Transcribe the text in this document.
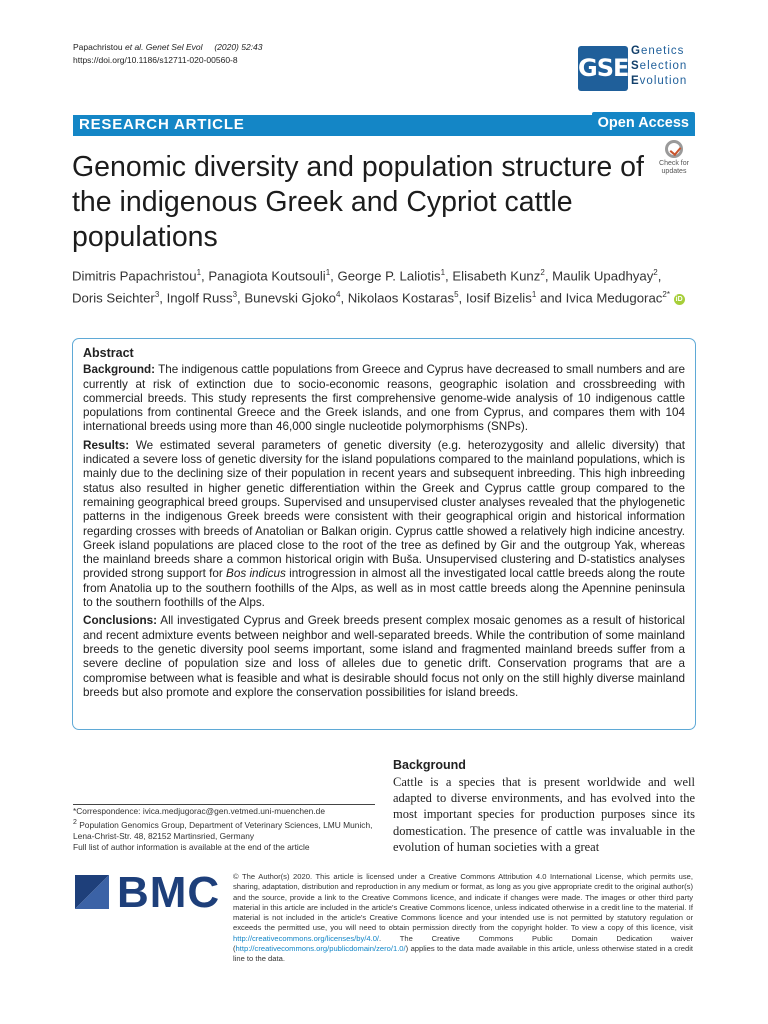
Papachristou et al. Genet Sel Evol (2020) 52:43
https://doi.org/10.1186/s12711-020-00560-8	GSE
Genetics
Selection
Evolution
RESEARCH ARTICLE	Open Access
Genomic diversity and population structure of the indigenous Greek and Cypriot cattle populations
Check for
updates
Dimitris Papachristou$^1$, Panagiota Koutsouli$^1$, George P. Laliotis$^1$, Elisabeth Kunz$^2$, Maulik Upadhyay$^2$,
Doris Seichter$^3$, Ingolf Russ$^3$, Bunevski Gjoko$^4$, Nikolaos Kostaras$^5$, Iosif Bizelis$^1$ and Ivica Medugorac$^{2*}$ iD
Abstract

Background: The indigenous cattle populations from Greece and Cyprus have decreased to small numbers and are currently at risk of extinction due to socio-economic reasons, geographic isolation and crossbreeding with commercial breeds. This study represents the first comprehensive genome-wide analysis of 10 indigenous cattle populations from continental Greece and the Greek islands, and one from Cyprus, and compares them with 104 international breeds using more than 46,000 single nucleotide polymorphisms (SNPs).

Results: We estimated several parameters of genetic diversity (e.g. heterozygosity and allelic diversity) that indicated a severe loss of genetic diversity for the island populations compared to the mainland populations, which is mainly due to the declining size of their population in recent years and subsequent inbreeding. This high inbreeding status also resulted in higher genetic differentiation within the Greek and Cyprus cattle group compared to the remaining geographical breed groups. Supervised and unsupervised cluster analyses revealed that the phylogenetic patterns in the indigenous Greek breeds were consistent with their geographical origin and historical information regarding crosses with breeds of Anatolian or Balkan origin. Cyprus cattle showed a relatively high indicine ancestry. Greek island populations are placed close to the root of the tree as defined by Gir and the outgroup Yak, whereas the mainland breeds share a common historical origin with Buša. Unsupervised clustering and D-statistics analyses provided strong support for Bos indicus introgression in almost all the investigated local cattle breeds along the route from Anatolia up to the southern foothills of the Alps, as well as in most cattle breeds along the Apennine peninsula to the southern foothills of the Alps.

Conclusions: All investigated Cyprus and Greek breeds present complex mosaic genomes as a result of historical and recent admixture events between neighbor and well-separated breeds. While the contribution of some mainland breeds to the genetic diversity pool seems important, some island and fragmented mainland breeds suffer from a severe decline of population size and loss of alleles due to genetic drift. Conservation programs that are a compromise between what is feasible and what is desirable should focus not only on the still highly diverse mainland breeds but also promote and explore the conservation possibilities for island breeds.

Background

Cattle is a species that is present worldwide and well adapted to diverse environments, and has evolved into the most important species for production purposes since its domestication. The presence of cattle was invaluable in the evolution of human societies with a great

*Correspondence: ivica.medjugorac@gen.vetmed.uni-muenchen.de

$^2$ Population Genomics Group, Department of Veterinary Sciences, LMU Munich, Lena-Christ-Str. 48, 82152 Martinsried, Germany

Full list of author information is available at the end of the article

BMC © The Author(s) 2020. This article is licensed under a Creative Commons Attribution 4.0 International License, which permits use, sharing, adaptation, distribution and reproduction in any medium or format, as long as you give appropriate credit to the original author(s) and the source, provide a link to the Creative Commons licence, and indicate if changes were made. The images or other third party material in this article are included in the article's Creative Commons licence, unless indicated otherwise in a credit line to the material. If material is not included in the article's Creative Commons licence and your intended use is not permitted by statutory regulation or exceeds the permitted use, you will need to obtain permission directly from the copyright holder. To view a copy of this licence, visit http://creativecommons.org/licenses/by/4.0/. The Creative Commons Public Domain Dedication waiver (http://creativecommons.org/publicdomain/zero/1.0/) applies to the data made available in this article, unless otherwise stated in a credit line to the data.
